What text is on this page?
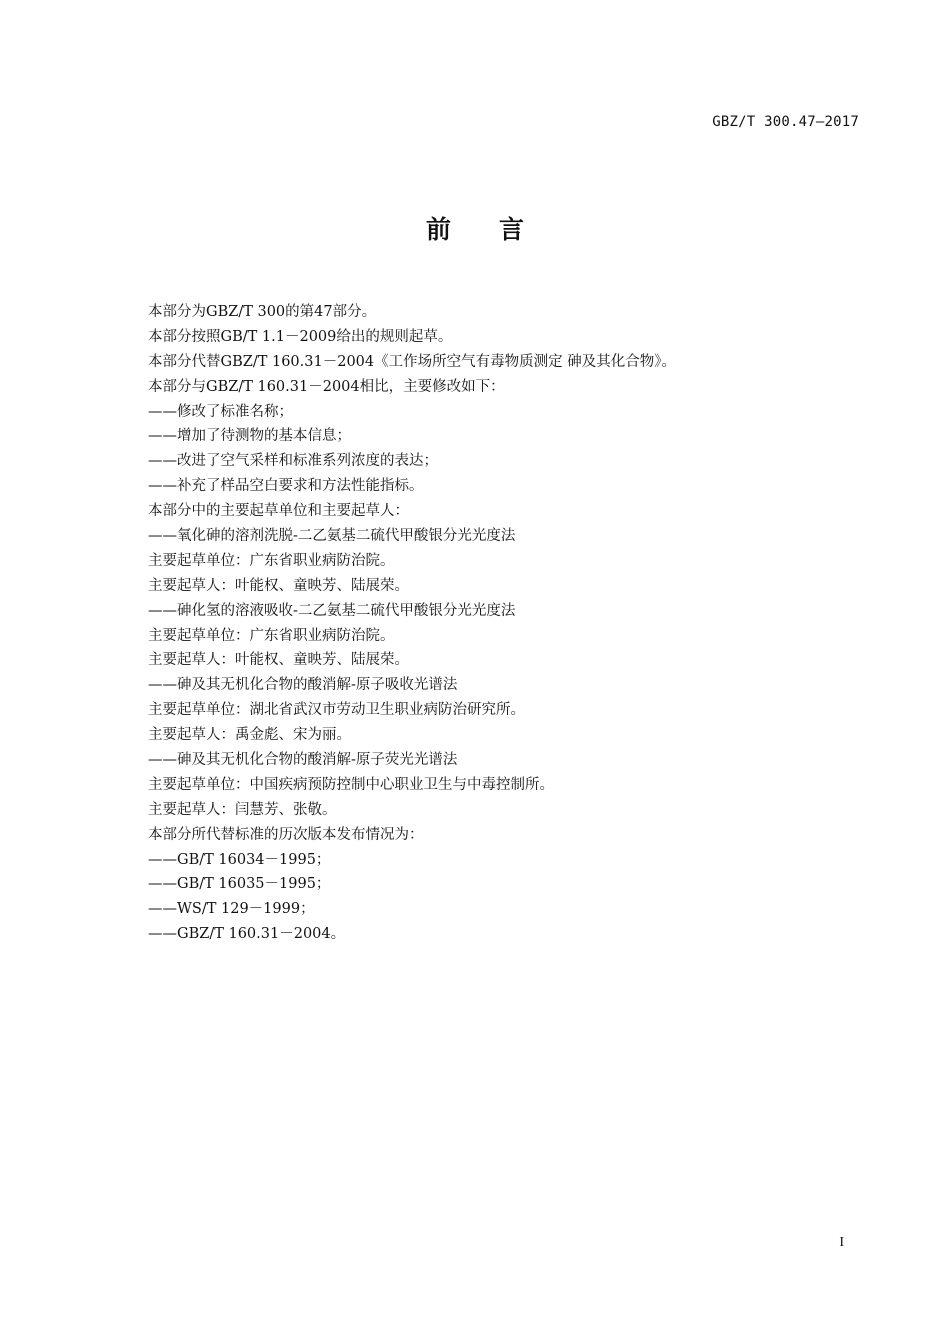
GBZ/T 300.47—2017
前言
本部分为GBZ/T 300的第47部分。
本部分按照GB/T 1.1－2009给出的规则起草。
本部分代替GBZ/T 160.31－2004《工作场所空气有毒物质测定 砷及其化合物》。
本部分与GBZ/T 160.31－2004相比，主要修改如下：
——修改了标准名称；
——增加了待测物的基本信息；
——改进了空气采样和标准系列浓度的表达；
——补充了样品空白要求和方法性能指标。
本部分中的主要起草单位和主要起草人：
——氧化砷的溶剂洗脱-二乙氨基二硫代甲酸银分光光度法
主要起草单位：广东省职业病防治院。
主要起草人：叶能权、童映芳、陆展荣。
——砷化氢的溶液吸收-二乙氨基二硫代甲酸银分光光度法
主要起草单位：广东省职业病防治院。
主要起草人：叶能权、童映芳、陆展荣。
——砷及其无机化合物的酸消解-原子吸收光谱法
主要起草单位：湖北省武汉市劳动卫生职业病防治研究所。
主要起草人：禹金彪、宋为丽。
——砷及其无机化合物的酸消解-原子荧光光谱法
主要起草单位：中国疾病预防控制中心职业卫生与中毒控制所。
主要起草人：闫慧芳、张敬。
本部分所代替标准的历次版本发布情况为：
——GB/T 16034－1995；
——GB/T 16035－1995；
——WS/T 129－1999；
——GBZ/T 160.31－2004。
I
